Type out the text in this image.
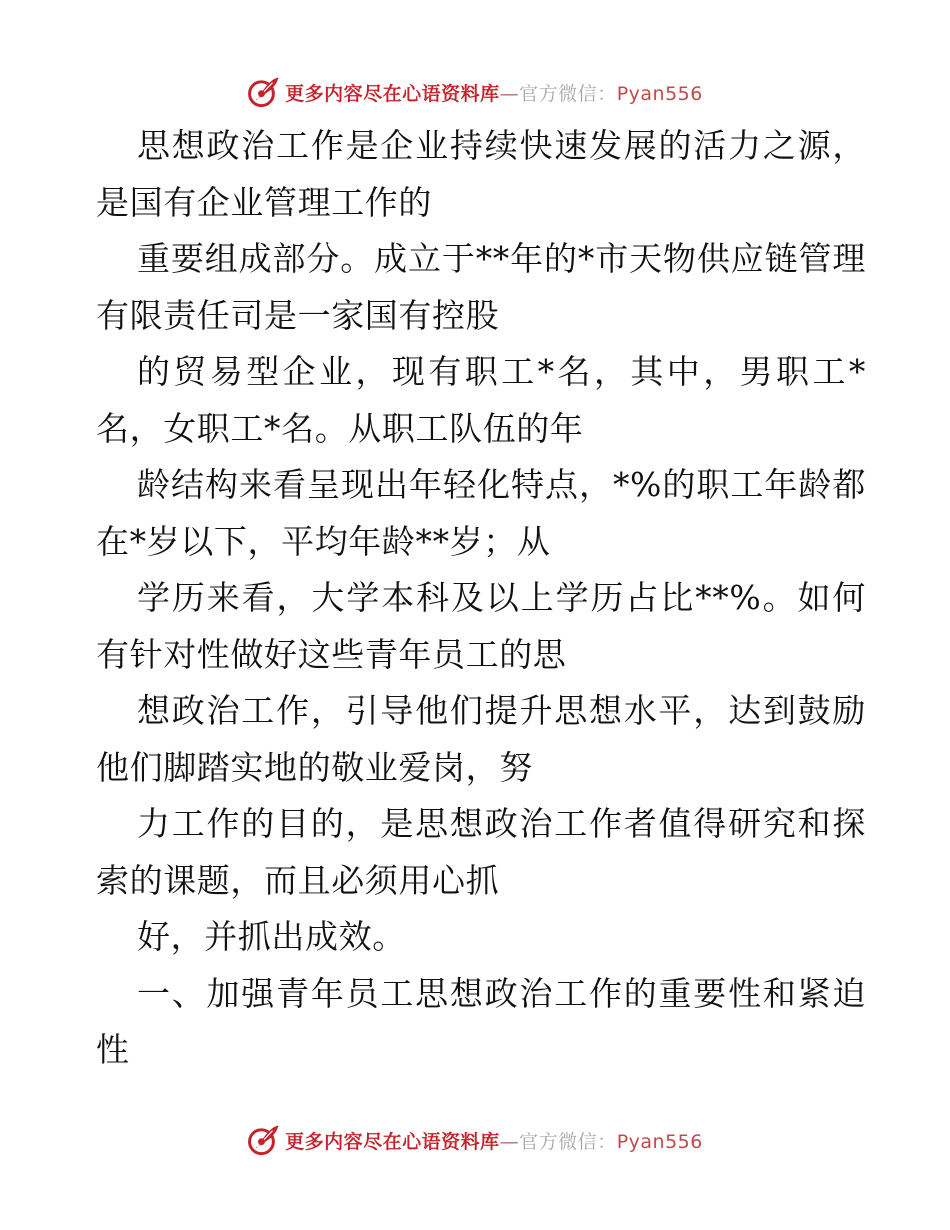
更多内容尽在心语资料库—官方微信：Pyan556

思想政治工作是企业持续快速发展的活力之源，是国有企业管理工作的

重要组成部分。成立于**年的*市天物供应链管理有限责任司是一家国有控股

的贸易型企业，现有职工*名，其中，男职工*名，女职工*名。从职工队伍的年

龄结构来看呈现出年轻化特点，*%的职工年龄都在*岁以下，平均年龄**岁；从

学历来看，大学本科及以上学历占比**%。如何有针对性做好这些青年员工的思

想政治工作，引导他们提升思想水平，达到鼓励他们脚踏实地的敬业爱岗，努

力工作的目的，是思想政治工作者值得研究和探索的课题，而且必须用心抓

好，并抓出成效。

一、加强青年员工思想政治工作的重要性和紧迫性

更多内容尽在心语资料库—官方微信：Pyan556
